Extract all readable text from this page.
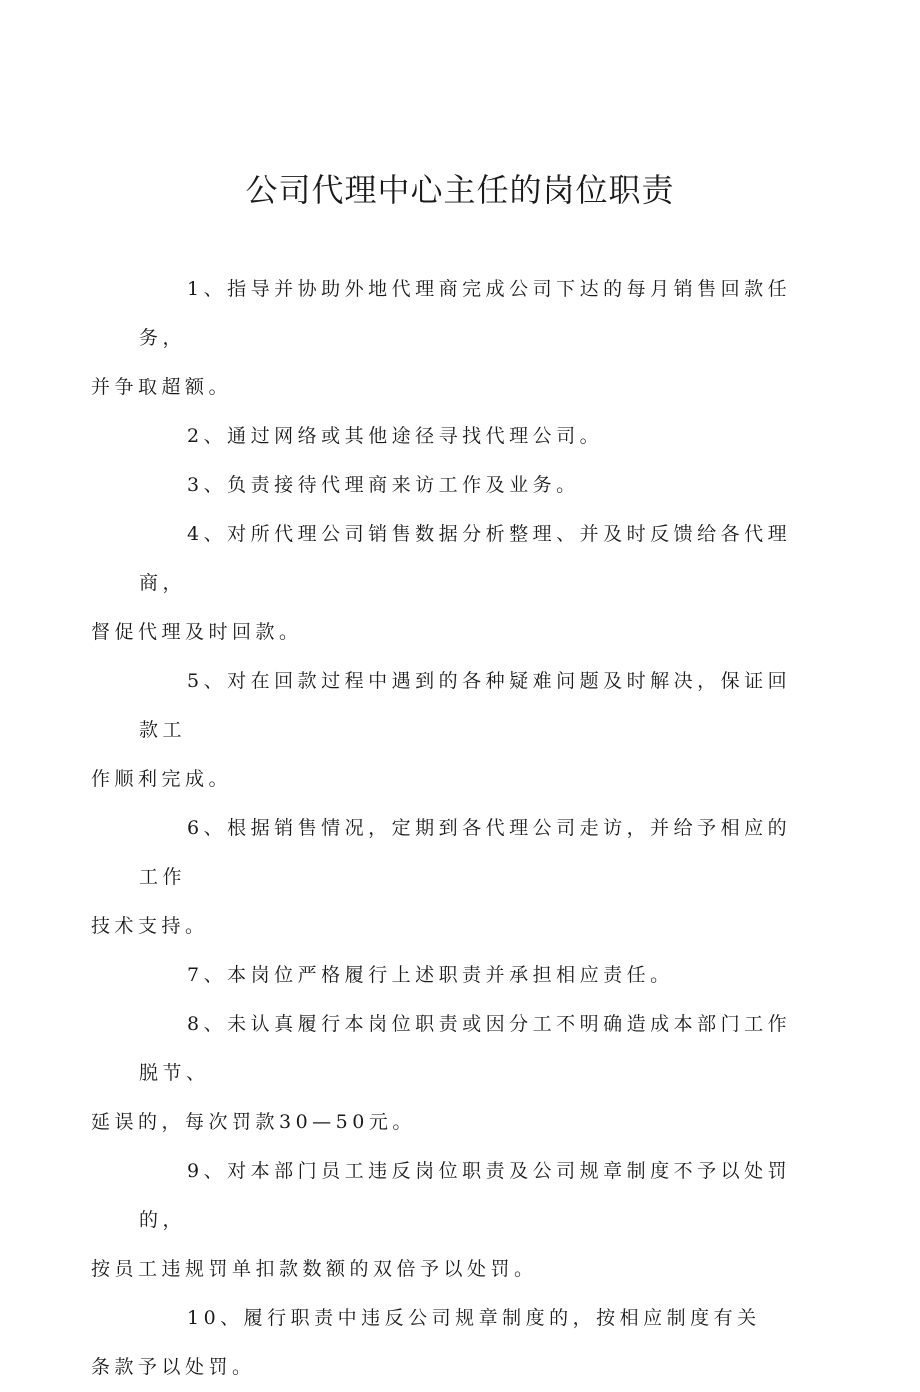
公司代理中心主任的岗位职责

1、指导并协助外地代理商完成公司下达的每月销售回款任务，
并争取超额。

2、通过网络或其他途径寻找代理公司。

3、负责接待代理商来访工作及业务。

4、对所代理公司销售数据分析整理、并及时反馈给各代理商，
督促代理及时回款。

5、对在回款过程中遇到的各种疑难问题及时解决，保证回款工
作顺利完成。

6、根据销售情况，定期到各代理公司走访，并给予相应的工作
技术支持。

7、本岗位严格履行上述职责并承担相应责任。

8、未认真履行本岗位职责或因分工不明确造成本部门工作脱节、
延误的，每次罚款30—50元。

9、对本部门员工违反岗位职责及公司规章制度不予以处罚的，
按员工违规罚单扣款数额的双倍予以处罚。

10、履行职责中违反公司规章制度的，按相应制度有关
条款予以处罚。
